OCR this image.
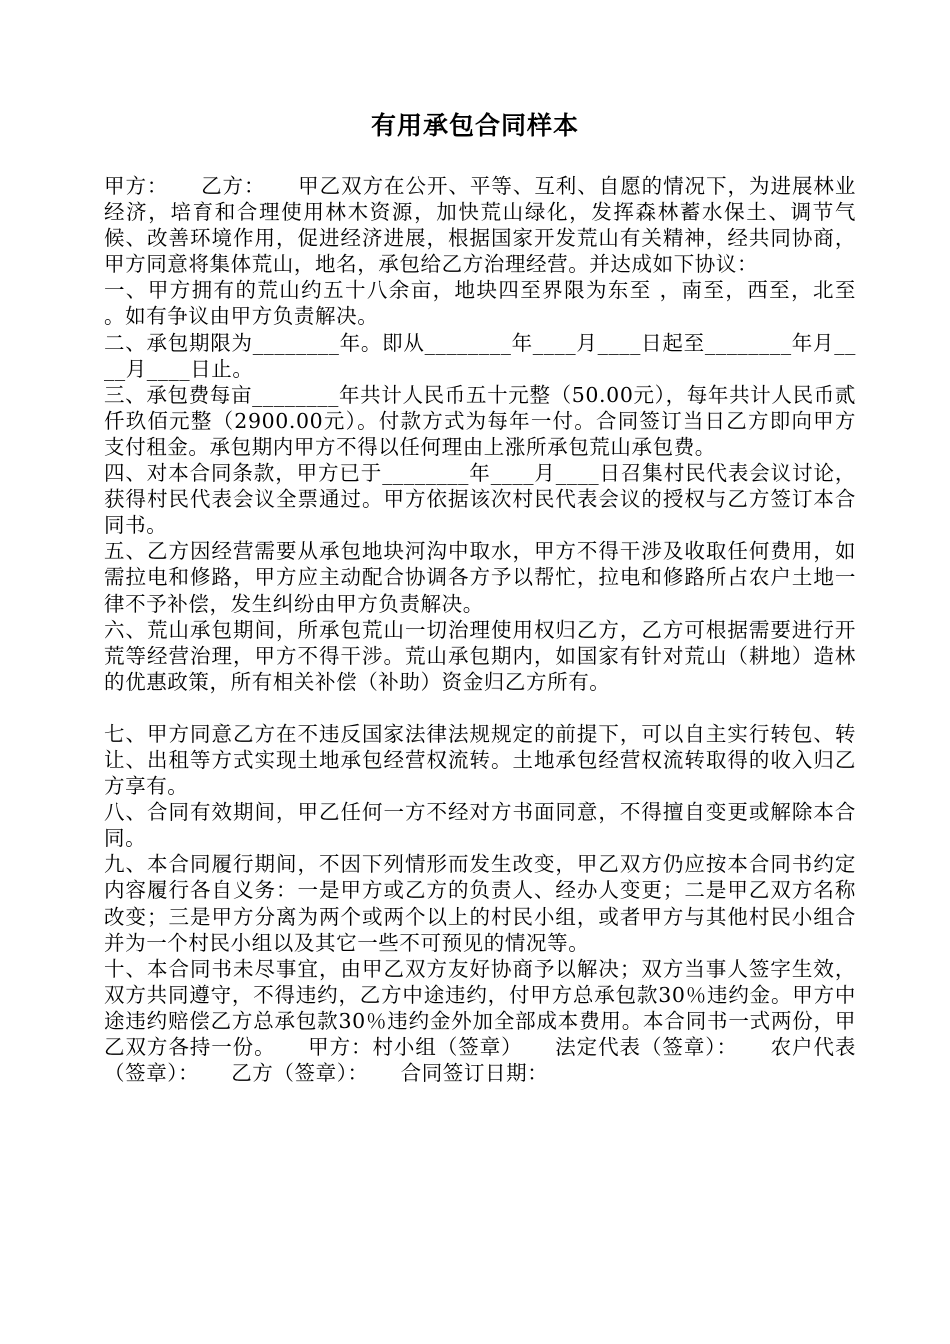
有用承包合同样本

甲方：　　乙方：　　甲乙双方在公开、平等、互利、自愿的情况下，为进展林业经济，培育和合理使用林木资源，加快荒山绿化，发挥森林蓄水保土、调节气候、改善环境作用，促进经济进展，根据国家开发荒山有关精神，经共同协商，甲方同意将集体荒山，地名，承包给乙方治理经营。并达成如下协议：

一、甲方拥有的荒山约五十八余亩，地块四至界限为东至 ，南至，西至，北至 。如有争议由甲方负责解决。

二、承包期限为________年。即从________年____月____日起至________年月____月____日止。

三、承包费每亩________年共计人民币五十元整（50.00元），每年共计人民币贰仟玖佰元整（2900.00元）。付款方式为每年一付。合同签订当日乙方即向甲方支付租金。承包期内甲方不得以任何理由上涨所承包荒山承包费。

四、对本合同条款，甲方已于________年____月____日召集村民代表会议讨论，获得村民代表会议全票通过。甲方依据该次村民代表会议的授权与乙方签订本合同书。

五、乙方因经营需要从承包地块河沟中取水，甲方不得干涉及收取任何费用，如需拉电和修路，甲方应主动配合协调各方予以帮忙，拉电和修路所占农户土地一律不予补偿，发生纠纷由甲方负责解决。

六、荒山承包期间，所承包荒山一切治理使用权归乙方，乙方可根据需要进行开荒等经营治理，甲方不得干涉。荒山承包期内，如国家有针对荒山（耕地）造林的优惠政策，所有相关补偿（补助）资金归乙方所有。

七、甲方同意乙方在不违反国家法律法规规定的前提下，可以自主实行转包、转让、出租等方式实现土地承包经营权流转。土地承包经营权流转取得的收入归乙方享有。

八、合同有效期间，甲乙任何一方不经对方书面同意，不得擅自变更或解除本合同。

九、本合同履行期间，不因下列情形而发生改变，甲乙双方仍应按本合同书约定内容履行各自义务：一是甲方或乙方的负责人、经办人变更；二是甲乙双方名称改变；三是甲方分离为两个或两个以上的村民小组，或者甲方与其他村民小组合并为一个村民小组以及其它一些不可预见的情况等。

十、本合同书未尽事宜，由甲乙双方友好协商予以解决；双方当事人签字生效，双方共同遵守，不得违约，乙方中途违约，付甲方总承包款30％违约金。甲方中途违约赔偿乙方总承包款30％违约金外加全部成本费用。本合同书一式两份，甲乙双方各持一份。　　甲方：村小组（签章）　　法定代表（签章）：　　农户代表（签章）：　　乙方（签章）：　　合同签订日期：
